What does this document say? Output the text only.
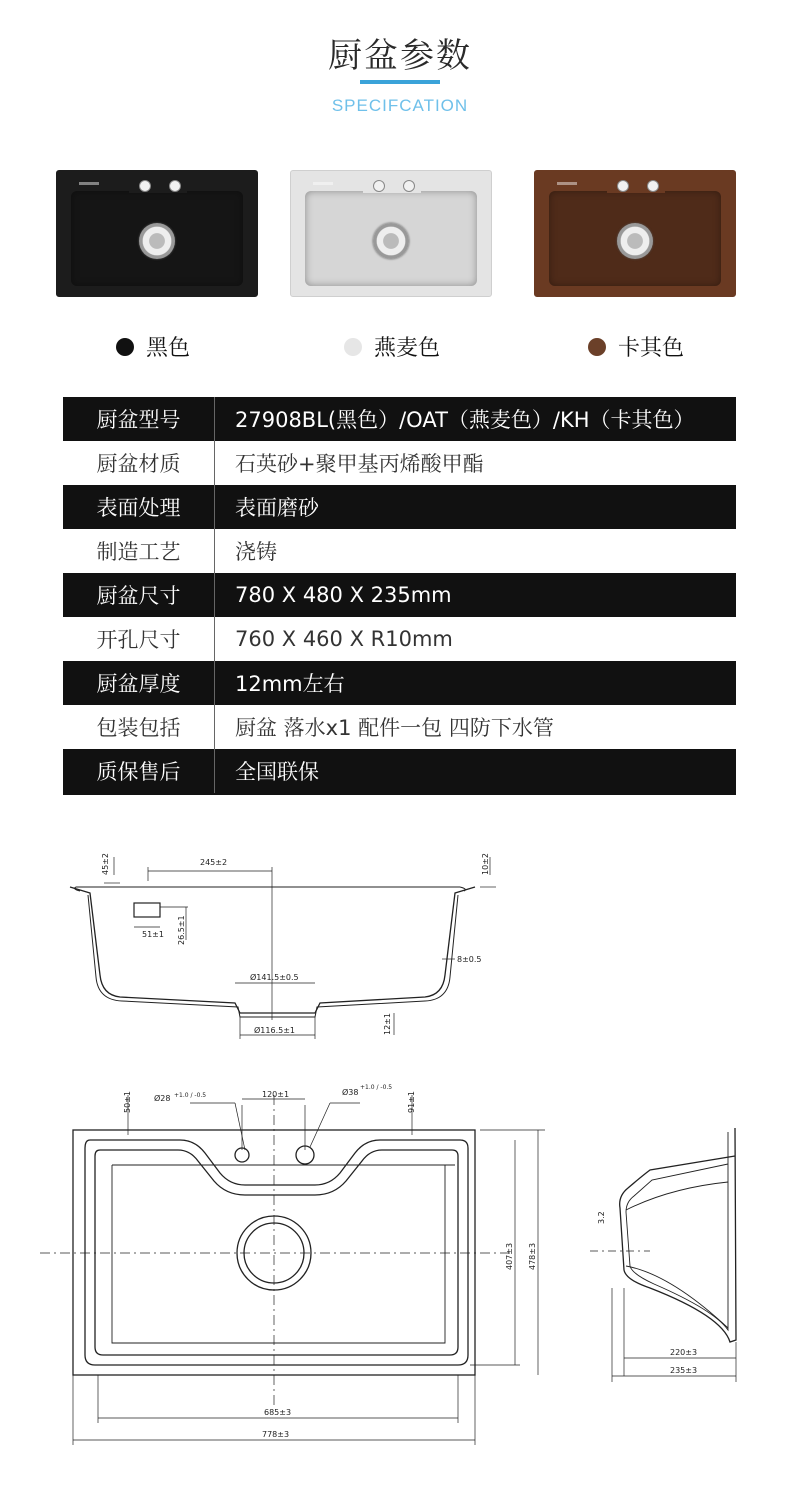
厨盆参数
SPECIFCATION
黑色	燕麦色	卡其色
厨盆型号	27908BL(黑色）/OAT（燕麦色）/KH（卡其色）
厨盆材质	石英砂+聚甲基丙烯酸甲酯
表面处理	表面磨砂
制造工艺	浇铸
厨盆尺寸	780 X 480 X 235mm
开孔尺寸	760 X 460 X R10mm
厨盆厚度	12mm左右
包装包括	厨盆 落水x1 配件一包 四防下水管
质保售后	全国联保
245±2
45±2	10±2
51±1 26.5±1
8±0.5
Ø141.5±0.5
Ø116.5±1	12±1
Ø28 +1.0 / -0.5	120±1	Ø38
+1.0 / -0.5
50±1	91±1
407±3 478±3
685±3
778±3
3.2
220±3
235±3
